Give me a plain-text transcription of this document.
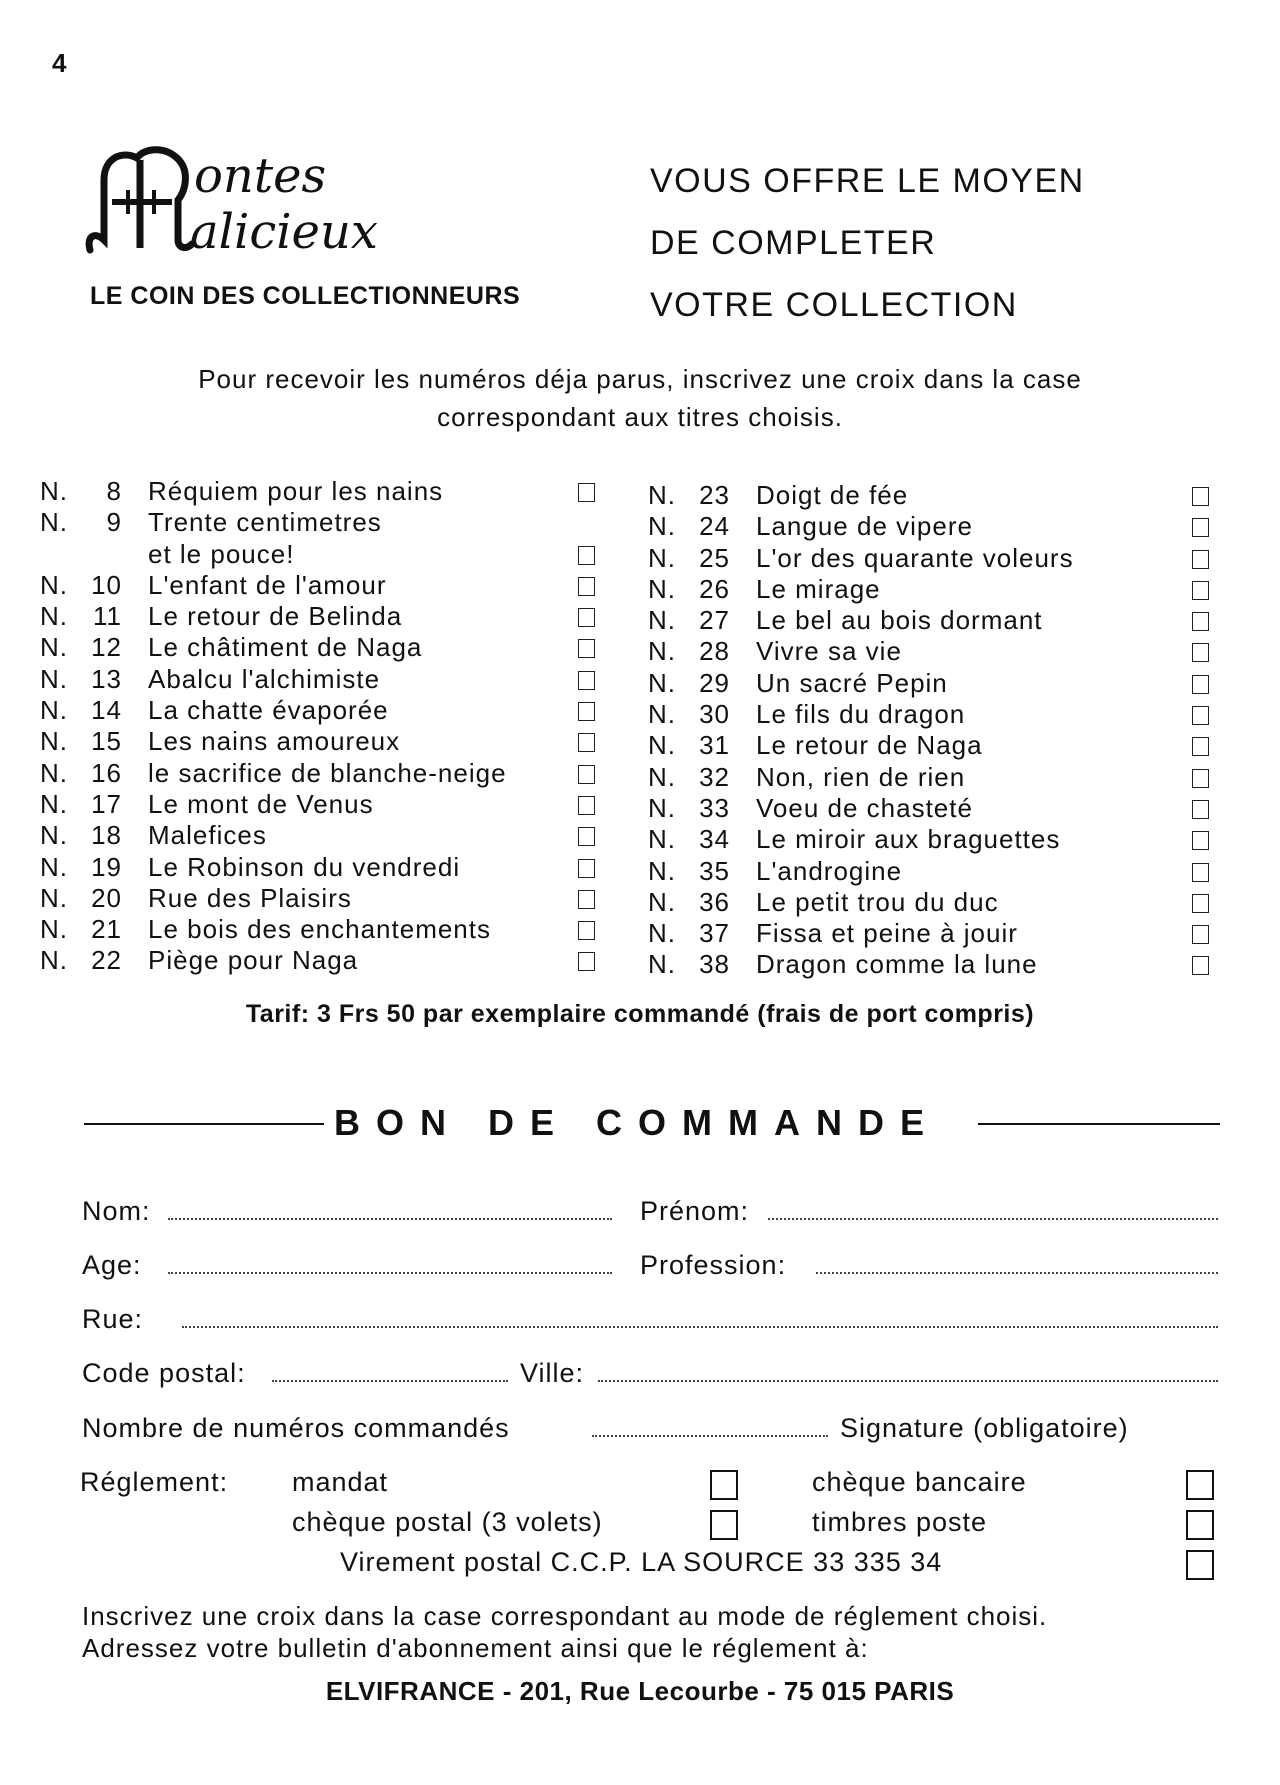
4
ontes
alicieux
LE COIN DES COLLECTIONNEURS
VOUS OFFRE LE MOYEN
DE COMPLETER
VOTRE COLLECTION
Pour recevoir les numéros déja parus, inscrivez une croix dans la case
correspondant aux titres choisis.
N. 8 Réquiem pour les nains
N. 9 Trente centimetres
et le pouce!
N. 10 L'enfant de l'amour
N. 11 Le retour de Belinda
N. 12 Le châtiment de Naga
N. 13 Abalcu l'alchimiste
N. 14 La chatte évaporée
N. 15 Les nains amoureux
N. 16 le sacrifice de blanche-neige
N. 17 Le mont de Venus
N. 18 Malefices
N. 19 Le Robinson du vendredi
N. 20 Rue des Plaisirs
N. 21 Le bois des enchantements
N. 22 Piège pour Naga
N. 23 Doigt de fée
N. 24 Langue de vipere
N. 25 L'or des quarante voleurs
N. 26 Le mirage
N. 27 Le bel au bois dormant
N. 28 Vivre sa vie
N. 29 Un sacré Pepin
N. 30 Le fils du dragon
N. 31 Le retour de Naga
N. 32 Non, rien de rien
N. 33 Voeu de chasteté
N. 34 Le miroir aux braguettes
N. 35 L'androgine
N. 36 Le petit trou du duc
N. 37 Fissa et peine à jouir
N. 38 Dragon comme la lune
Tarif: 3 Frs 50 par exemplaire commandé (frais de port compris)
BON DE COMMANDE
Nom:	Prénom:
Age:	Profession:
Rue:
Code postal:	Ville:
Nombre de numéros commandés	Signature (obligatoire)
Réglement: mandat	chèque bancaire
chèque postal (3 volets)	timbres poste
Virement postal C.C.P. LA SOURCE 33 335 34
Inscrivez une croix dans la case correspondant au mode de réglement choisi.
Adressez votre bulletin d'abonnement ainsi que le réglement à:
ELVIFRANCE - 201, Rue Lecourbe - 75 015 PARIS
